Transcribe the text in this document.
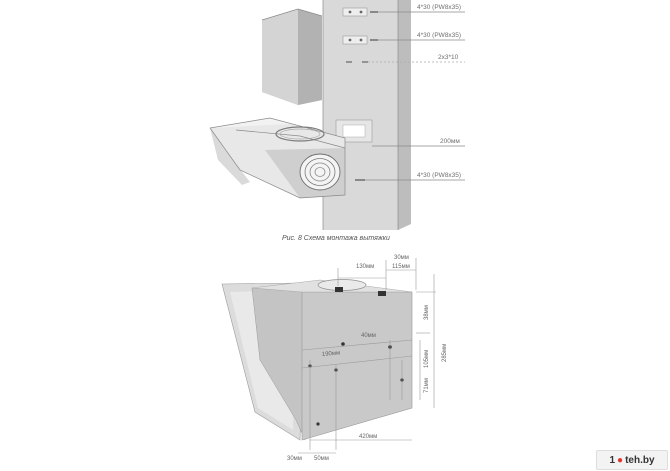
4*30 (PW8x35)
4*30 (PW8x35)
2x3*10
200мм
4*30 (PW8x35)
Рис. 8 Схема монтажа вытяжки
130мм
30мм
115мм
38мм
285мм
40мм
190мм	105мм
71мм
420мм
30мм 50мм	1 ● teh.by
